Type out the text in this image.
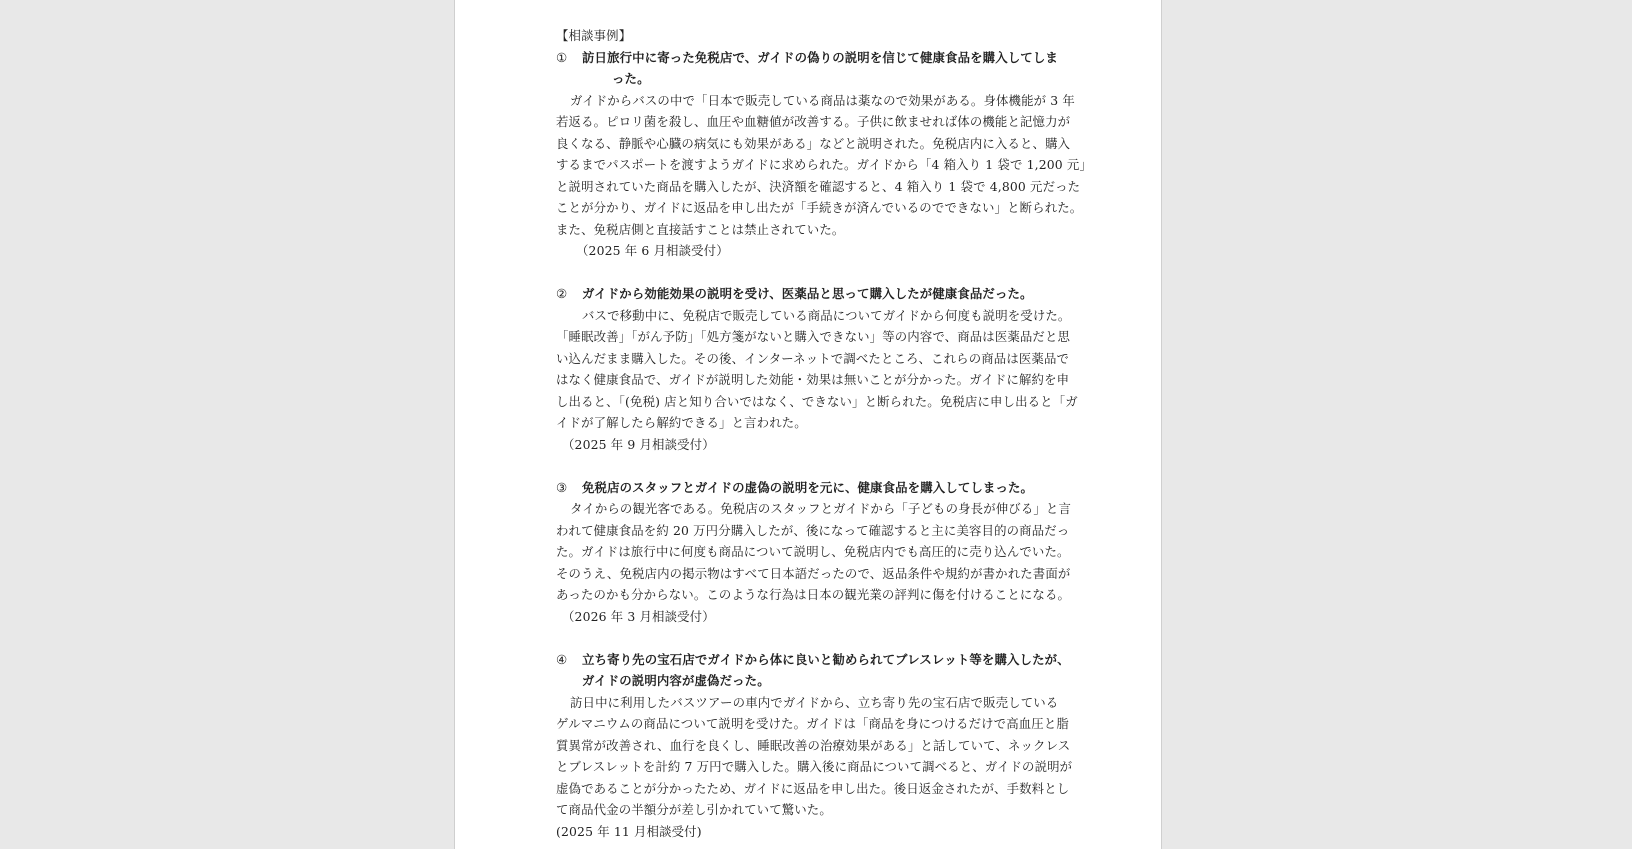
【相談事例】
① 訪日旅行中に寄った免税店で、ガイドの偽りの説明を信じて健康食品を購入してしま
った。
ガイドからバスの中で「日本で販売している商品は薬なので効果がある。身体機能が 3 年
若返る。ピロリ菌を殺し、血圧や血糖値が改善する。子供に飲ませれば体の機能と記憶力が
良くなる、静脈や心臓の病気にも効果がある」などと説明された。免税店内に入ると、購入
するまでパスポートを渡すようガイドに求められた。ガイドから「4 箱入り 1 袋で 1,200 元」
と説明されていた商品を購入したが、決済額を確認すると、4 箱入り 1 袋で 4,800 元だった
ことが分かり、ガイドに返品を申し出たが「手続きが済んでいるのでできない」と断られた。
また、免税店側と直接話すことは禁止されていた。
（2025 年 6 月相談受付）
② ガイドから効能効果の説明を受け、医薬品と思って購入したが健康食品だった。
バスで移動中に、免税店で販売している商品についてガイドから何度も説明を受けた。
「睡眠改善」「がん予防」「処方箋がないと購入できない」等の内容で、商品は医薬品だと思
い込んだまま購入した。その後、インターネットで調べたところ、これらの商品は医薬品で
はなく健康食品で、ガイドが説明した効能・効果は無いことが分かった。ガイドに解約を申
し出ると、「(免税) 店と知り合いではなく、できない」と断られた。免税店に申し出ると「ガ
イドが了解したら解約できる」と言われた。
（2025 年 9 月相談受付）
③ 免税店のスタッフとガイドの虚偽の説明を元に、健康食品を購入してしまった。
タイからの観光客である。免税店のスタッフとガイドから「子どもの身長が伸びる」と言
われて健康食品を約 20 万円分購入したが、後になって確認すると主に美容目的の商品だっ
た。ガイドは旅行中に何度も商品について説明し、免税店内でも高圧的に売り込んでいた。
そのうえ、免税店内の掲示物はすべて日本語だったので、返品条件や規約が書かれた書面が
あったのかも分からない。このような行為は日本の観光業の評判に傷を付けることになる。
（2026 年 3 月相談受付）
④ 立ち寄り先の宝石店でガイドから体に良いと勧められてブレスレット等を購入したが、
ガイドの説明内容が虚偽だった。
訪日中に利用したバスツアーの車内でガイドから、立ち寄り先の宝石店で販売している
ゲルマニウムの商品について説明を受けた。ガイドは「商品を身につけるだけで高血圧と脂
質異常が改善され、血行を良くし、睡眠改善の治療効果がある」と話していて、ネックレス
とブレスレットを計約 7 万円で購入した。購入後に商品について調べると、ガイドの説明が
虚偽であることが分かったため、ガイドに返品を申し出た。後日返金されたが、手数料とし
て商品代金の半額分が差し引かれていて驚いた。
(2025 年 11 月相談受付)
